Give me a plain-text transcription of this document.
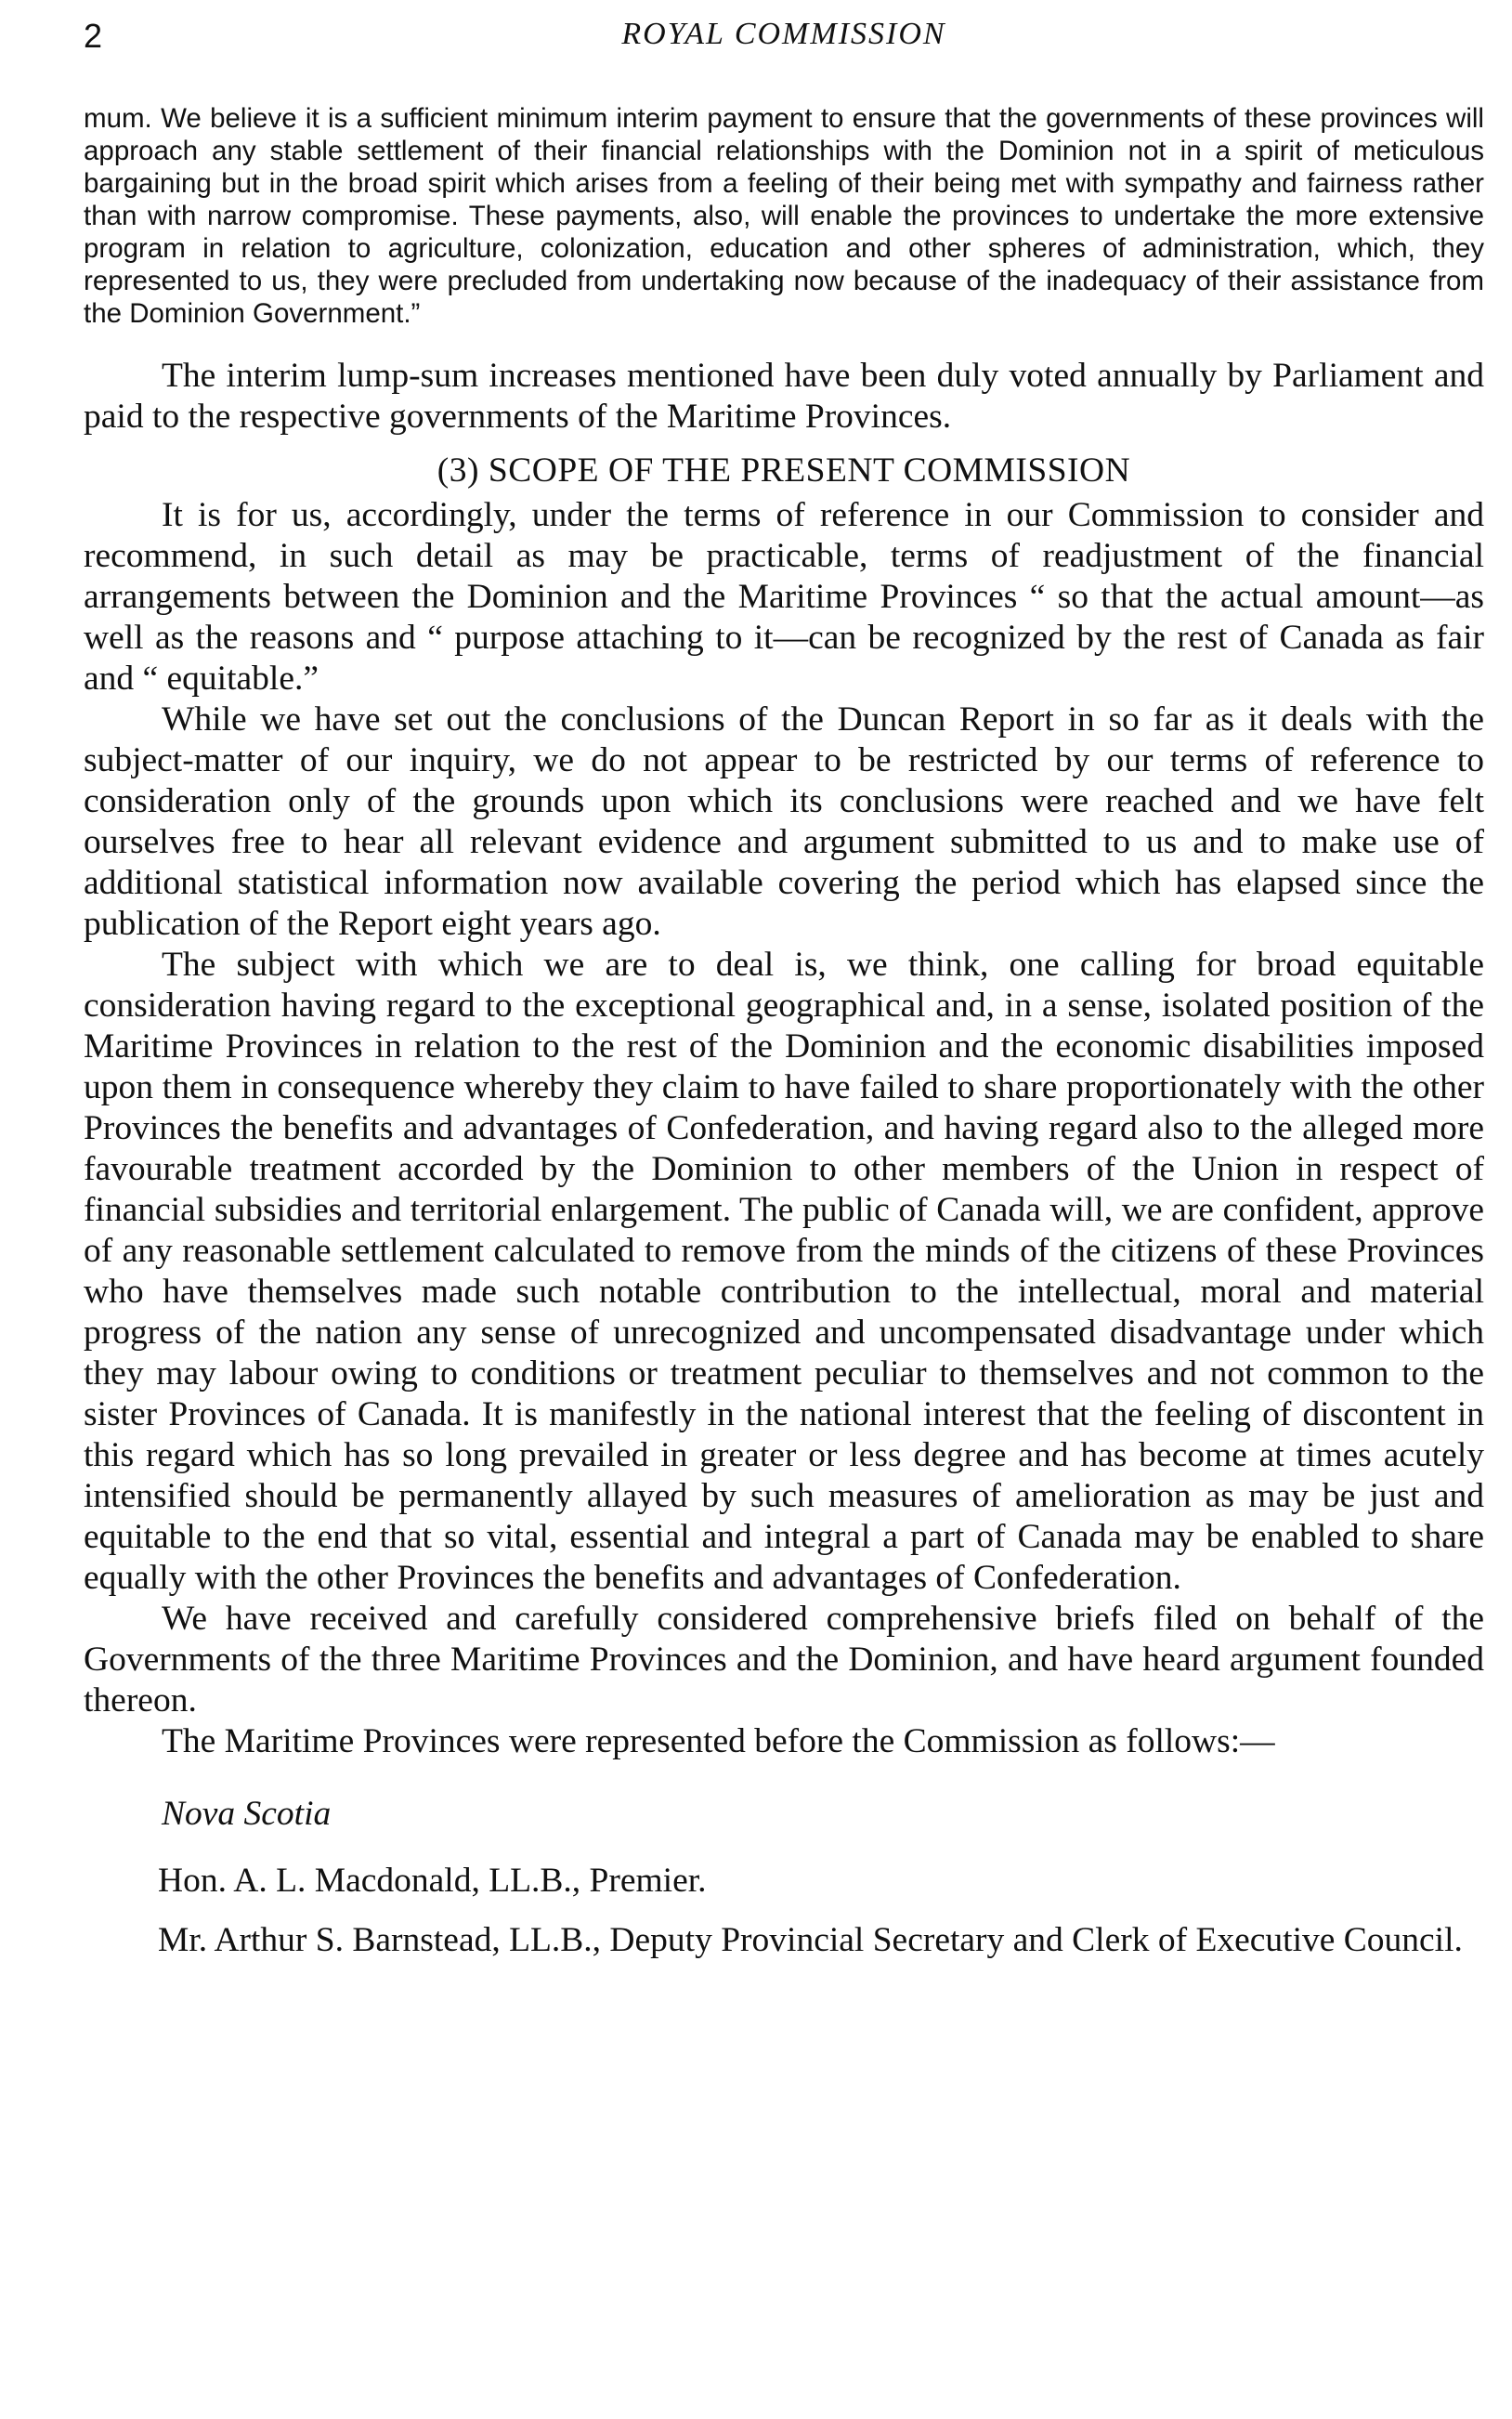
2	ROYAL COMMISSION

mum. We believe it is a sufficient minimum interim payment to ensure that the governments of these provinces will approach any stable settlement of their financial relationships with the Dominion not in a spirit of meticulous bargaining but in the broad spirit which arises from a feeling of their being met with sympathy and fairness rather than with narrow compromise. These payments, also, will enable the provinces to undertake the more extensive program in relation to agriculture, colonization, education and other spheres of administration, which, they represented to us, they were precluded from undertaking now because of the inadequacy of their assistance from the Dominion Government.”

The interim lump-sum increases mentioned have been duly voted annually by Parliament and paid to the respective governments of the Maritime Provinces.

(3) SCOPE OF THE PRESENT COMMISSION

It is for us, accordingly, under the terms of reference in our Commission to consider and recommend, in such detail as may be practicable, terms of readjustment of the financial arrangements between the Dominion and the Maritime Provinces “ so that the actual amount—as well as the reasons and “ purpose attaching to it—can be recognized by the rest of Canada as fair and “ equitable.”

While we have set out the conclusions of the Duncan Report in so far as it deals with the subject-matter of our inquiry, we do not appear to be restricted by our terms of reference to consideration only of the grounds upon which its conclusions were reached and we have felt ourselves free to hear all relevant evidence and argument submitted to us and to make use of additional statistical information now available covering the period which has elapsed since the publication of the Report eight years ago.

The subject with which we are to deal is, we think, one calling for broad equitable consideration having regard to the exceptional geographical and, in a sense, isolated position of the Maritime Provinces in relation to the rest of the Dominion and the economic disabilities imposed upon them in consequence whereby they claim to have failed to share proportionately with the other Provinces the benefits and advantages of Confederation, and having regard also to the alleged more favourable treatment accorded by the Dominion to other members of the Union in respect of financial subsidies and territorial enlargement. The public of Canada will, we are confident, approve of any reasonable settlement calculated to remove from the minds of the citizens of these Provinces who have themselves made such notable contribution to the intellectual, moral and material progress of the nation any sense of unrecognized and uncompensated disadvantage under which they may labour owing to conditions or treatment peculiar to themselves and not common to the sister Provinces of Canada. It is manifestly in the national interest that the feeling of discontent in this regard which has so long prevailed in greater or less degree and has become at times acutely intensified should be permanently allayed by such measures of amelioration as may be just and equitable to the end that so vital, essential and integral a part of Canada may be enabled to share equally with the other Provinces the benefits and advantages of Confederation.

We have received and carefully considered comprehensive briefs filed on behalf of the Governments of the three Maritime Provinces and the Dominion, and have heard argument founded thereon.

The Maritime Provinces were represented before the Commission as follows:—

Nova Scotia

Hon. A. L. Macdonald, LL.B., Premier.

Mr. Arthur S. Barnstead, LL.B., Deputy Provincial Secretary and Clerk of Executive Council.
